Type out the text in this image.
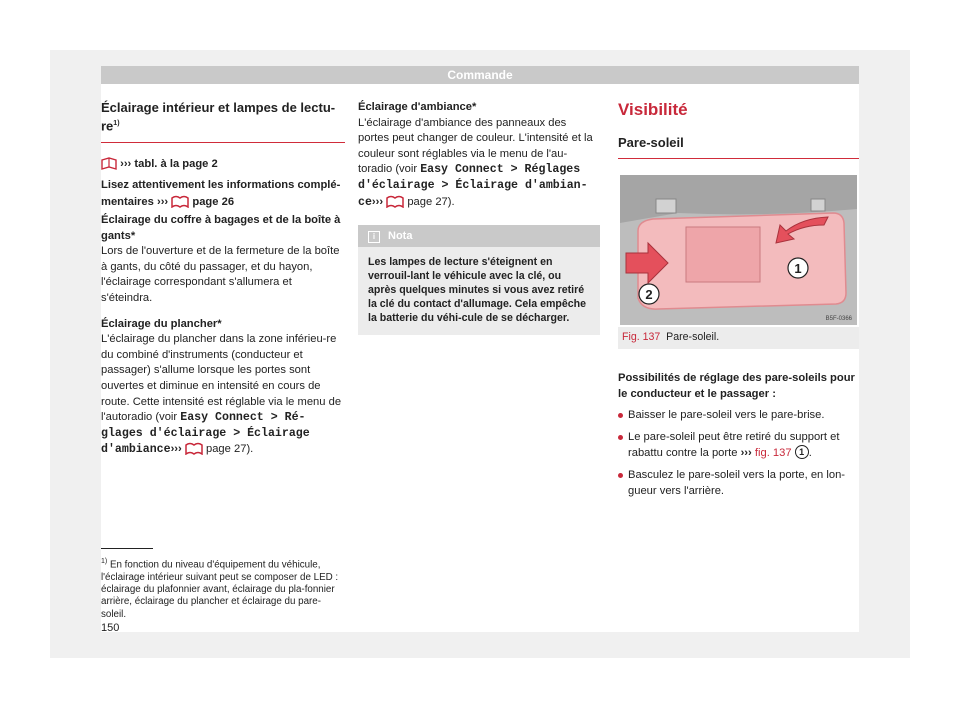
Commande
Éclairage intérieur et lampes de lectu-$re^{1)}$

››› tabl. à la page 2

Lisez attentivement les informations complé-mentaires ››› page 26

Éclairage du coffre à bagages et de la boîte à gants*

Lors de l'ouverture et de la fermeture de la boîte à gants, du côté du passager, et du hayon, l'éclairage correspondant s'allumera et s'éteindra.

Éclairage du plancher*

L'éclairage du plancher dans la zone inférieu-re du combiné d'instruments (conducteur et passager) s'allume lorsque les portes sont ouvertes et diminue en intensité en cours de route. Cette intensité est réglable via le menu de l'autoradio (voir Easy Connect > Ré-glages d'éclairage > Éclairage d'ambiance››› page 27).

Éclairage d'ambiance*

L'éclairage d'ambiance des panneaux des portes peut changer de couleur. L'intensité et la couleur sont réglables via le menu de l'au-toradio (voir Easy Connect > Réglages d'éclairage > Éclairage d'ambian-ce››› page 27).

i Nota
Les lampes de lecture s'éteignent en verrouil-lant le véhicule avec la clé, ou après quelques minutes si vous avez retiré la clé du contact d'allumage. Cela empêche la batterie du véhi-cule de se décharger.
Visibilité
Pare-soleil
1
2
B5F-0366
Fig. 137 Pare-soleil.

Possibilités de réglage des pare-soleils pour le conducteur et le passager :

Baisser le pare-soleil vers le pare-brise.

Le pare-soleil peut être retiré du support et rabattu contre la porte ››› fig. 137 1 .

Basculez le pare-soleil vers la porte, en lon-gueur vers l'arrière.

$^{1)}$ En fonction du niveau d'équipement du véhicule, l'éclairage intérieur suivant peut se composer de LED : éclairage du plafonnier avant, éclairage du pla-fonnier arrière, éclairage du plancher et éclairage du pare-soleil.
150
